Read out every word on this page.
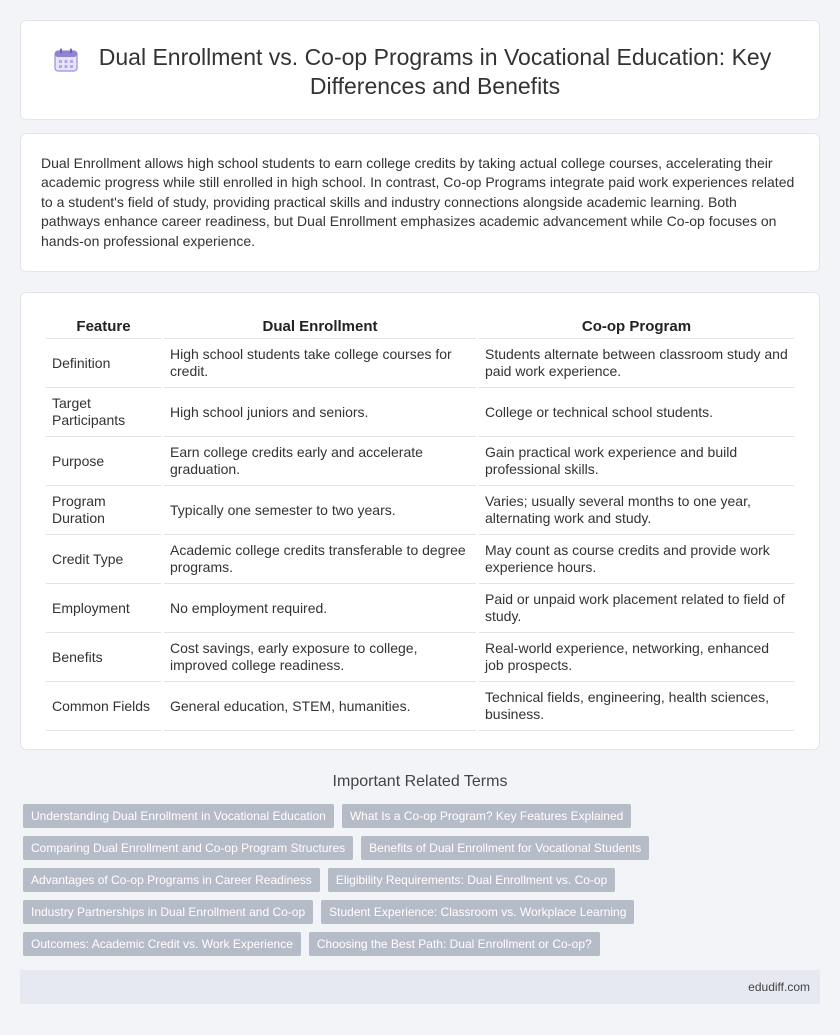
Dual Enrollment vs. Co-op Programs in Vocational Education: Key Differences and Benefits

Dual Enrollment allows high school students to earn college credits by taking actual college courses, accelerating their academic progress while still enrolled in high school. In contrast, Co-op Programs integrate paid work experiences related to a student's field of study, providing practical skills and industry connections alongside academic learning. Both pathways enhance career readiness, but Dual Enrollment emphasizes academic advancement while Co-op focuses on hands-on professional experience.

Feature	Dual Enrollment	Co-op Program
Definition	High school students take college courses for credit.	Students alternate between classroom study and paid work experience.
Target Participants	High school juniors and seniors.	College or technical school students.
Purpose	Earn college credits early and accelerate graduation.	Gain practical work experience and build professional skills.
Program Duration	Typically one semester to two years.	Varies; usually several months to one year, alternating work and study.
Credit Type	Academic college credits transferable to degree programs.	May count as course credits and provide work experience hours.
Employment	No employment required.	Paid or unpaid work placement related to field of study.
Benefits	Cost savings, early exposure to college, improved college readiness.	Real-world experience, networking, enhanced job prospects.
Common Fields	General education, STEM, humanities.	Technical fields, engineering, health sciences, business.
Important Related Terms
Understanding Dual Enrollment in Vocational Education	What Is a Co-op Program? Key Features Explained
Comparing Dual Enrollment and Co-op Program Structures	Benefits of Dual Enrollment for Vocational Students
Advantages of Co-op Programs in Career Readiness	Eligibility Requirements: Dual Enrollment vs. Co-op
Industry Partnerships in Dual Enrollment and Co-op	Student Experience: Classroom vs. Workplace Learning
Outcomes: Academic Credit vs. Work Experience	Choosing the Best Path: Dual Enrollment or Co-op?
edudiff.com
